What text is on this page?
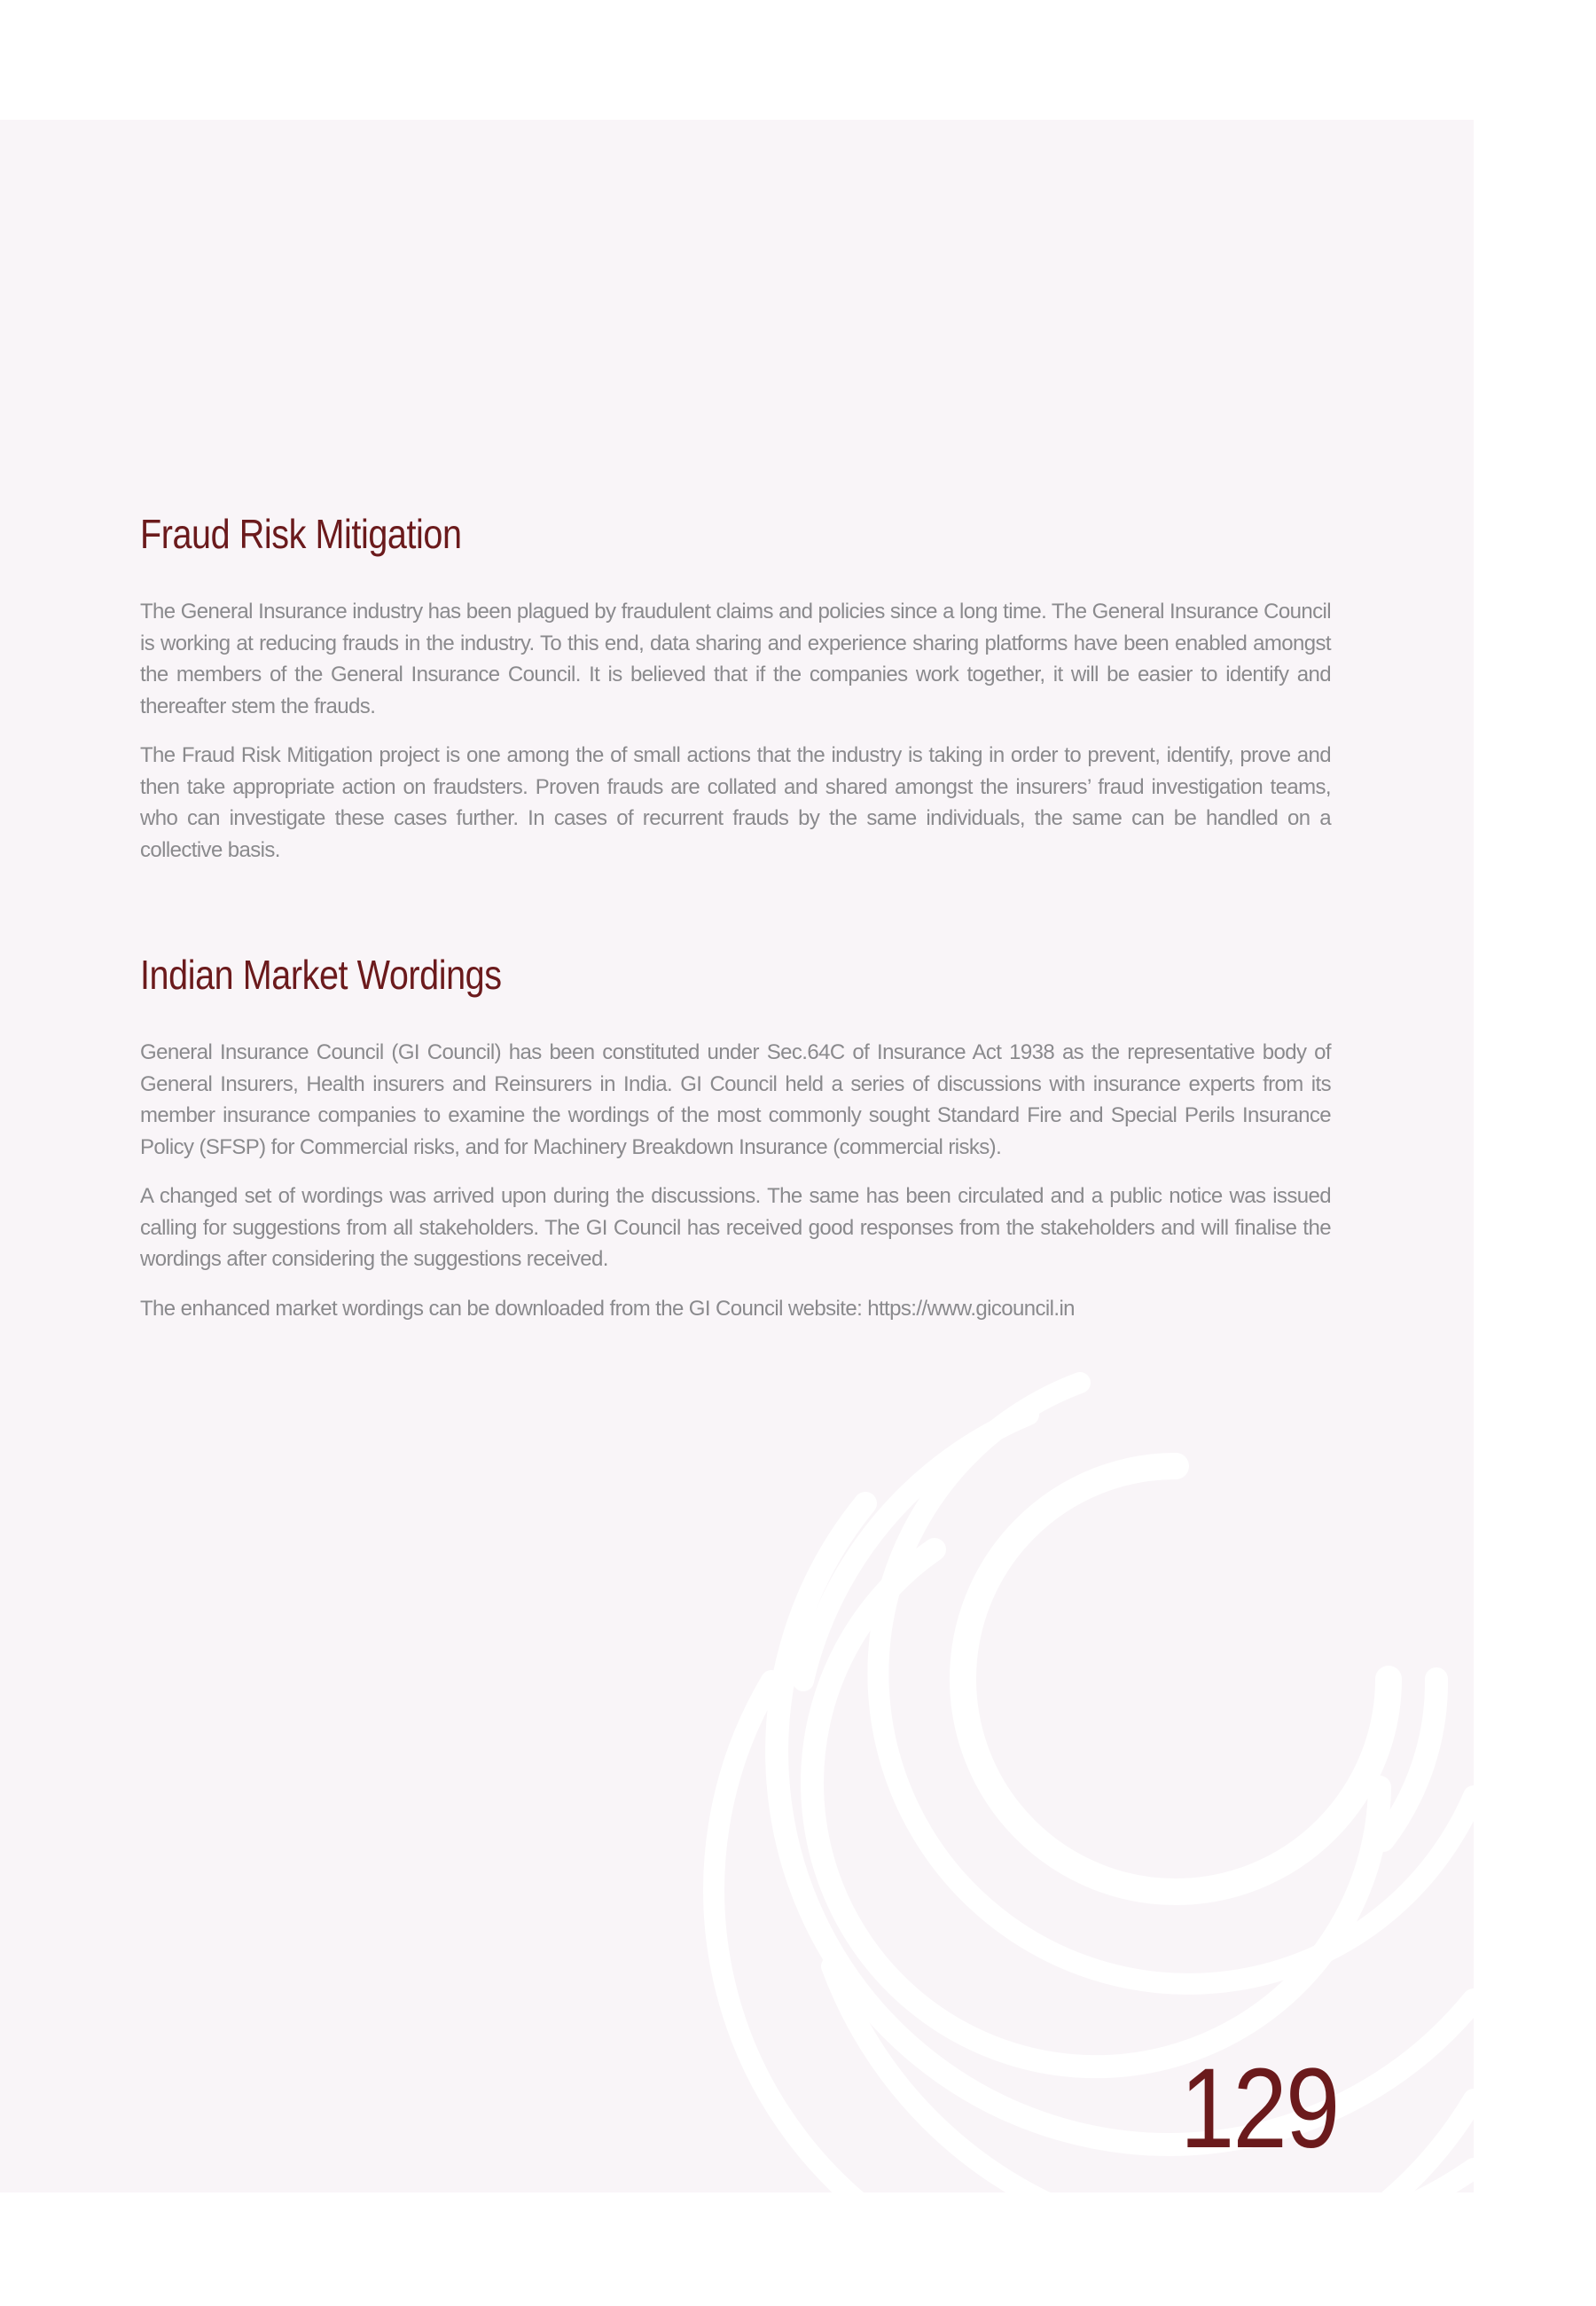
Fraud Risk Mitigation

The General Insurance industry has been plagued by fraudulent claims and policies since a long time. The General Insurance Council is working at reducing frauds in the industry. To this end, data sharing and experience sharing platforms have been enabled amongst the members of the General Insurance Council. It is believed that if the companies work together, it will be easier to identify and thereafter stem the frauds.

The Fraud Risk Mitigation project is one among the of small actions that the industry is taking in order to prevent, identify, prove and then take appropriate action on fraudsters. Proven frauds are collated and shared amongst the insurers’ fraud investigation teams, who can investigate these cases further. In cases of recurrent frauds by the same individuals, the same can be handled on a collective basis.

Indian Market Wordings

General Insurance Council (GI Council) has been constituted under Sec.64C of Insurance Act 1938 as the representative body of General Insurers, Health insurers and Reinsurers in India. GI Council held a series of discussions with insurance experts from its member insurance companies to examine the wordings of the most commonly sought Standard Fire and Special Perils Insurance Policy (SFSP) for Commercial risks, and for Machinery Breakdown Insurance (commercial risks).

A changed set of wordings was arrived upon during the discussions. The same has been circulated and a public notice was issued calling for suggestions from all stakeholders. The GI Council has received good responses from the stakeholders and will finalise the wordings after considering the suggestions received.

The enhanced market wordings can be downloaded from the GI Council website: https://www.gicouncil.in

129
